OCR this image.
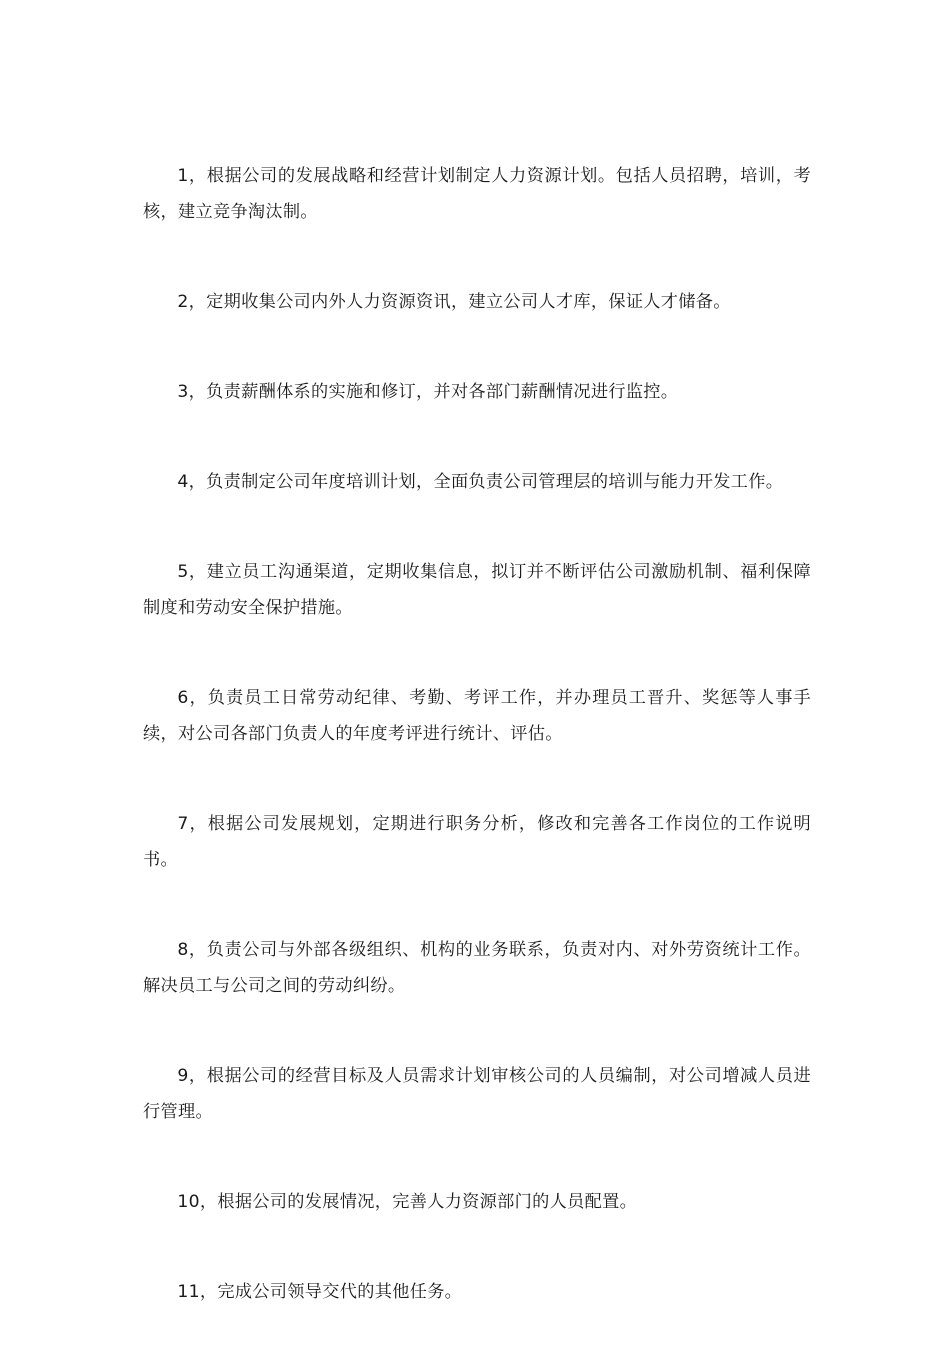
1，根据公司的发展战略和经营计划制定人力资源计划。包括人员招聘，培训，考核，建立竞争淘汰制。

2，定期收集公司内外人力资源资讯，建立公司人才库，保证人才储备。

3，负责薪酬体系的实施和修订，并对各部门薪酬情况进行监控。

4，负责制定公司年度培训计划，全面负责公司管理层的培训与能力开发工作。

5，建立员工沟通渠道，定期收集信息，拟订并不断评估公司激励机制、福利保障制度和劳动安全保护措施。

6，负责员工日常劳动纪律、考勤、考评工作，并办理员工晋升、奖惩等人事手续，对公司各部门负责人的年度考评进行统计、评估。

7，根据公司发展规划，定期进行职务分析，修改和完善各工作岗位的工作说明书。

8，负责公司与外部各级组织、机构的业务联系，负责对内、对外劳资统计工作。解决员工与公司之间的劳动纠纷。

9，根据公司的经营目标及人员需求计划审核公司的人员编制，对公司增减人员进行管理。

10，根据公司的发展情况，完善人力资源部门的人员配置。

11，完成公司领导交代的其他任务。
